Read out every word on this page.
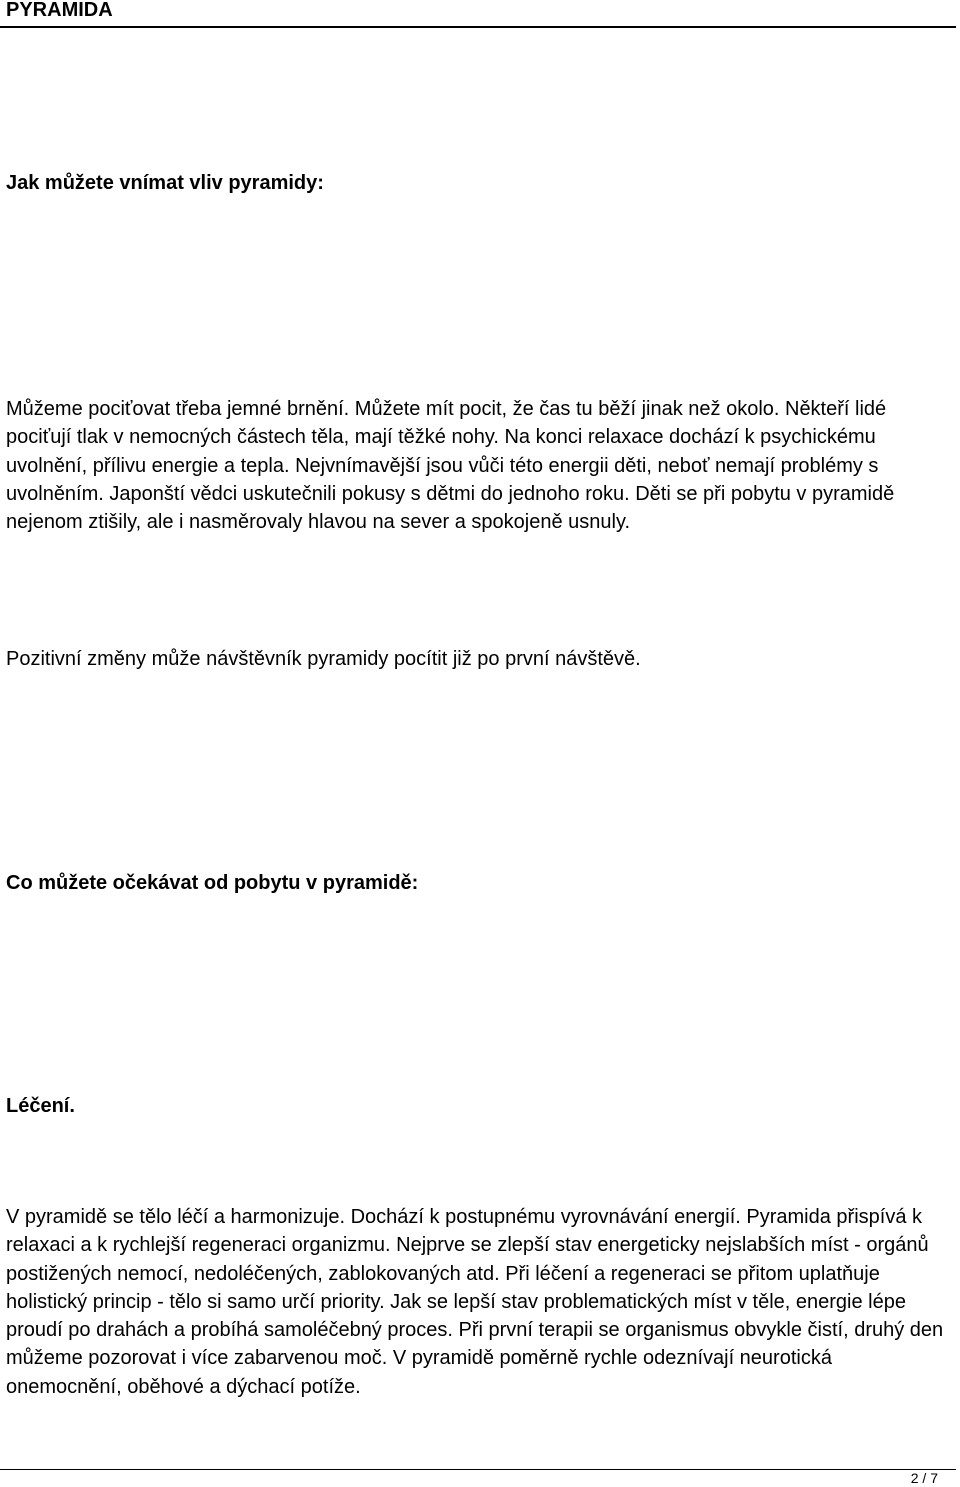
PYRAMIDA
Jak můžete vnímat vliv pyramidy:

Můžeme pociťovat třeba jemné brnění. Můžete mít pocit, že čas tu běží jinak než okolo. Někteří lidé pociťují tlak v nemocných částech těla, mají těžké nohy. Na konci relaxace dochází k psychickému uvolnění, přílivu energie a tepla. Nejvnímavější jsou vůči této energii děti, neboť nemají problémy s uvolněním. Japonští vědci uskutečnili pokusy s dětmi do jednoho roku. Děti se při pobytu v pyramidě nejenom ztišily, ale i nasměrovaly hlavou na sever a spokojeně usnuly.

Pozitivní změny může návštěvník pyramidy pocítit již po první návštěvě.

Co můžete očekávat od pobytu v pyramidě:
Léčení.

V pyramidě se tělo léčí a harmonizuje. Dochází k postupnému vyrovnávání energií. Pyramida přispívá k relaxaci a k rychlejší regeneraci organizmu. Nejprve se zlepší stav energeticky nejslabších míst - orgánů postižených nemocí, nedoléčených, zablokovaných atd. Při léčení a regeneraci se přitom uplatňuje holistický princip - tělo si samo určí priority. Jak se lepší stav problematických míst v těle, energie lépe proudí po drahách a probíhá samoléčebný proces. Při první terapii se organismus obvykle čistí, druhý den můžeme pozorovat i více zabarvenou moč. V pyramidě poměrně rychle odeznívají neurotická onemocnění, oběhové a dýchací potíže.

2 / 7
